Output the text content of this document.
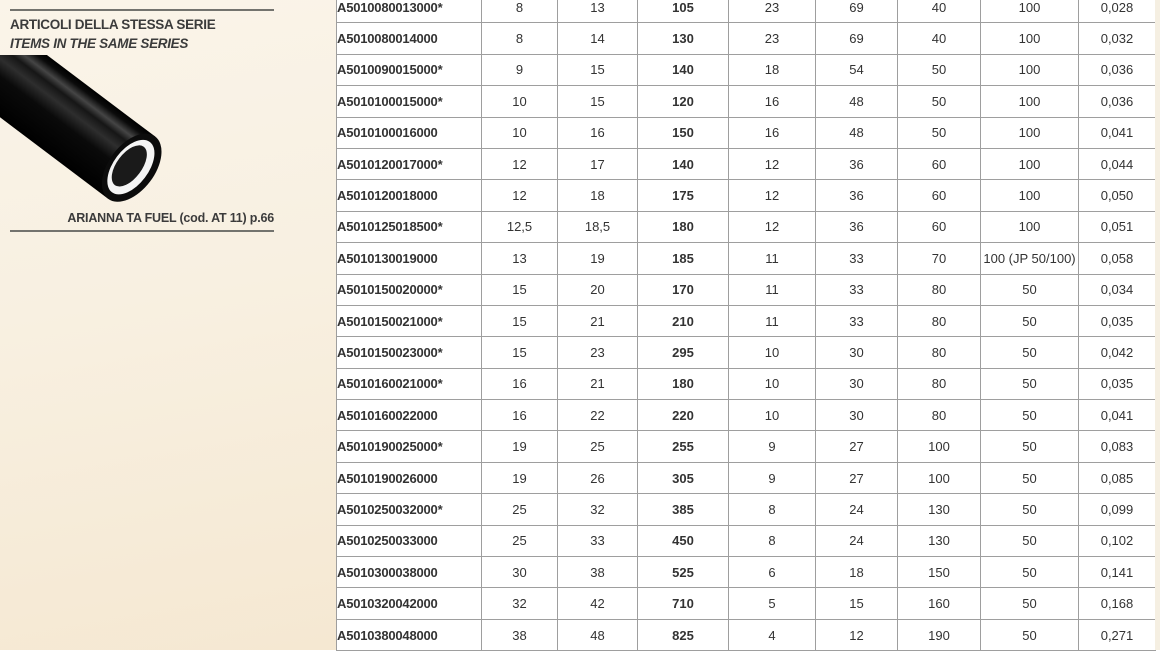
ARTICOLI DELLA STESSA SERIE
ITEMS IN THE SAME SERIES
ARIANNA TA FUEL (cod. AT 11) p.66
A5010080013000*	8	13	105	23	69	40	100	0,028
A5010080014000	8	14	130	23	69	40	100	0,032
A5010090015000*	9	15	140	18	54	50	100	0,036
A5010100015000*	10	15	120	16	48	50	100	0,036
A5010100016000	10	16	150	16	48	50	100	0,041
A5010120017000*	12	17	140	12	36	60	100	0,044
A5010120018000	12	18	175	12	36	60	100	0,050
A5010125018500*	12,5	18,5	180	12	36	60	100	0,051
A5010130019000	13	19	185	11	33	70	100 (JP 50/100)	0,058
A5010150020000*	15	20	170	11	33	80	50	0,034
A5010150021000*	15	21	210	11	33	80	50	0,035
A5010150023000*	15	23	295	10	30	80	50	0,042
A5010160021000*	16	21	180	10	30	80	50	0,035
A5010160022000	16	22	220	10	30	80	50	0,041
A5010190025000*	19	25	255	9	27	100	50	0,083
A5010190026000	19	26	305	9	27	100	50	0,085
A5010250032000*	25	32	385	8	24	130	50	0,099
A5010250033000	25	33	450	8	24	130	50	0,102
A5010300038000	30	38	525	6	18	150	50	0,141
A5010320042000	32	42	710	5	15	160	50	0,168
A5010380048000	38	48	825	4	12	190	50	0,271
